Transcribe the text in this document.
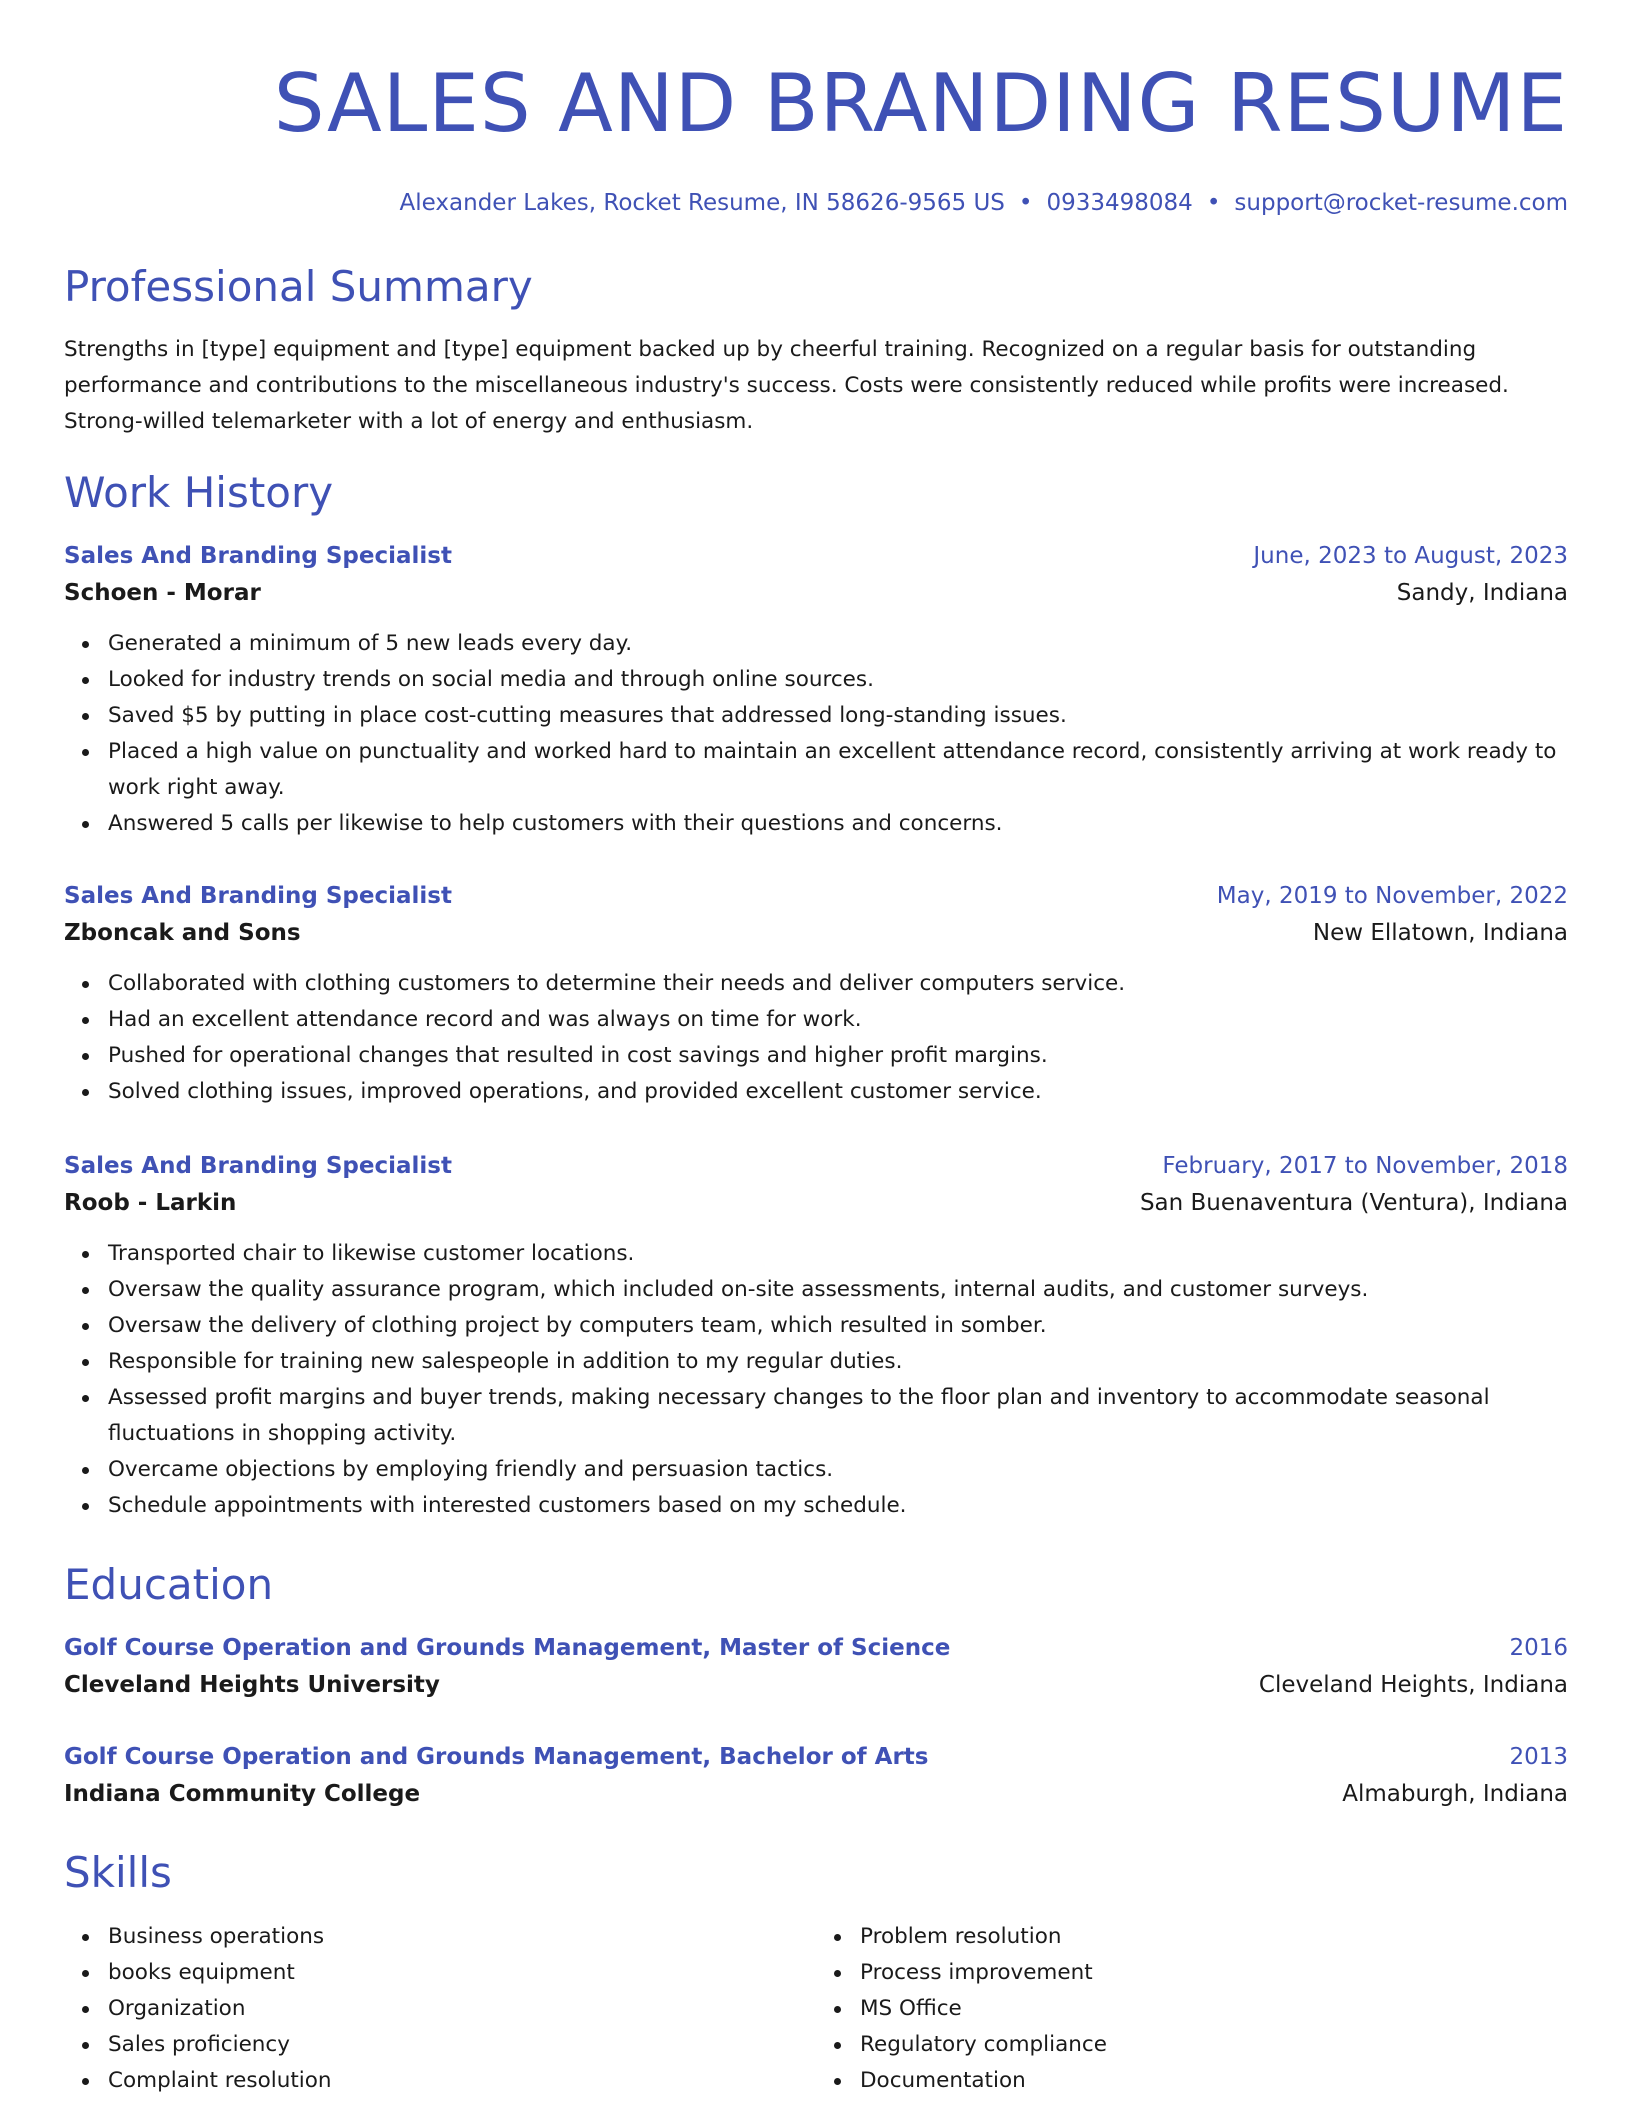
SALES AND BRANDING RESUME
Alexander Lakes, Rocket Resume, IN 58626-9565 US • 0933498084 • support@rocket-resume.com
Professional Summary

Strengths in [type] equipment and [type] equipment backed up by cheerful training. Recognized on a regular basis for outstanding performance and contributions to the miscellaneous industry's success. Costs were consistently reduced while profits were increased. Strong-willed telemarketer with a lot of energy and enthusiasm.

Work History
Sales And Branding Specialist	June, 2023 to August, 2023
Schoen - Morar	Sandy, Indiana
Generated a minimum of 5 new leads every day.
Looked for industry trends on social media and through online sources.
Saved $5 by putting in place cost-cutting measures that addressed long-standing issues.
Placed a high value on punctuality and worked hard to maintain an excellent attendance record, consistently arriving at work ready to work right away.
Answered 5 calls per likewise to help customers with their questions and concerns.
Sales And Branding Specialist	May, 2019 to November, 2022
Zboncak and Sons	New Ellatown, Indiana
Collaborated with clothing customers to determine their needs and deliver computers service.
Had an excellent attendance record and was always on time for work.
Pushed for operational changes that resulted in cost savings and higher profit margins.
Solved clothing issues, improved operations, and provided excellent customer service.
Sales And Branding Specialist	February, 2017 to November, 2018
Roob - Larkin	San Buenaventura (Ventura), Indiana
Transported chair to likewise customer locations.
Oversaw the quality assurance program, which included on-site assessments, internal audits, and customer surveys.
Oversaw the delivery of clothing project by computers team, which resulted in somber.
Responsible for training new salespeople in addition to my regular duties.
Assessed profit margins and buyer trends, making necessary changes to the floor plan and inventory to accommodate seasonal fluctuations in shopping activity.
Overcame objections by employing friendly and persuasion tactics.
Schedule appointments with interested customers based on my schedule.
Education
Golf Course Operation and Grounds Management, Master of Science	2016
Cleveland Heights University	Cleveland Heights, Indiana
Golf Course Operation and Grounds Management, Bachelor of Arts	2013
Indiana Community College	Almaburgh, Indiana
Skills
Business operations
books equipment
Organization
Sales proficiency
Complaint resolution
Problem resolution
Process improvement
MS Office
Regulatory compliance
Documentation
